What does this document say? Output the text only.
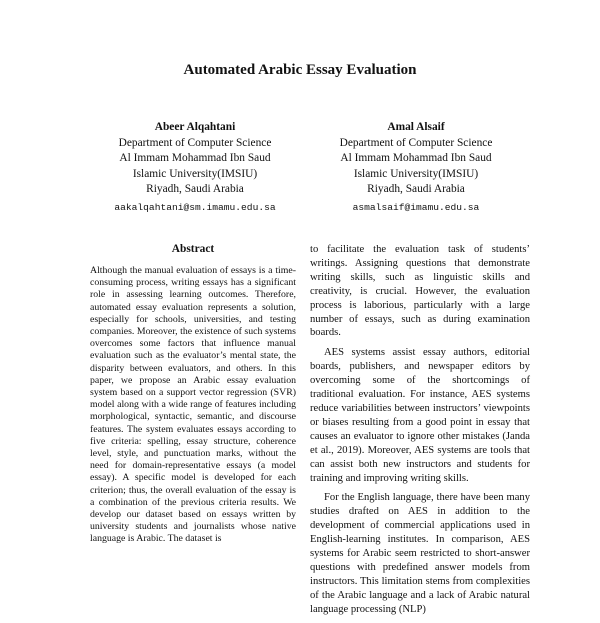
Automated Arabic Essay Evaluation
Abeer Alqahtani
Department of Computer Science
Al Immam Mohammad Ibn Saud
Islamic University(IMSIU)
Riyadh, Saudi Arabia
aakalqahtani@sm.imamu.edu.sa
Amal Alsaif
Department of Computer Science
Al Immam Mohammad Ibn Saud
Islamic University(IMSIU)
Riyadh, Saudi Arabia
asmalsaif@imamu.edu.sa
Abstract
Although the manual evaluation of essays is a time-consuming process, writing essays has a significant role in assessing learning outcomes. Therefore, automated essay evaluation represents a solution, especially for schools, universities, and testing companies. Moreover, the existence of such systems overcomes some factors that influence manual evaluation such as the evaluator’s mental state, the disparity between evaluators, and others. In this paper, we propose an Arabic essay evaluation system based on a support vector regression (SVR) model along with a wide range of features including morphological, syntactic, semantic, and discourse features. The system evaluates essays according to five criteria: spelling, essay structure, coherence level, style, and punctuation marks, without the need for domain-representative essays (a model essay). A specific model is developed for each criterion; thus, the overall evaluation of the essay is a combination of the previous criteria results. We develop our dataset based on essays written by university students and journalists whose native language is Arabic. The dataset is

to facilitate the evaluation task of students’ writings. Assigning questions that demonstrate writing skills, such as linguistic skills and creativity, is crucial. However, the evaluation process is laborious, particularly with a large number of essays, such as during examination boards.

AES systems assist essay authors, editorial boards, publishers, and newspaper editors by overcoming some of the shortcomings of traditional evaluation. For instance, AES systems reduce variabilities between instructors’ viewpoints or biases resulting from a good point in essay that causes an evaluator to ignore other mistakes (Janda et al., 2019). Moreover, AES systems are tools that can assist both new instructors and students for training and improving writing skills.

For the English language, there have been many studies drafted on AES in addition to the development of commercial applications used in English-learning institutes. In comparison, AES systems for Arabic seem restricted to short-answer questions with predefined answer models from instructors. This limitation stems from complexities of the Arabic language and a lack of Arabic natural language processing (NLP)
